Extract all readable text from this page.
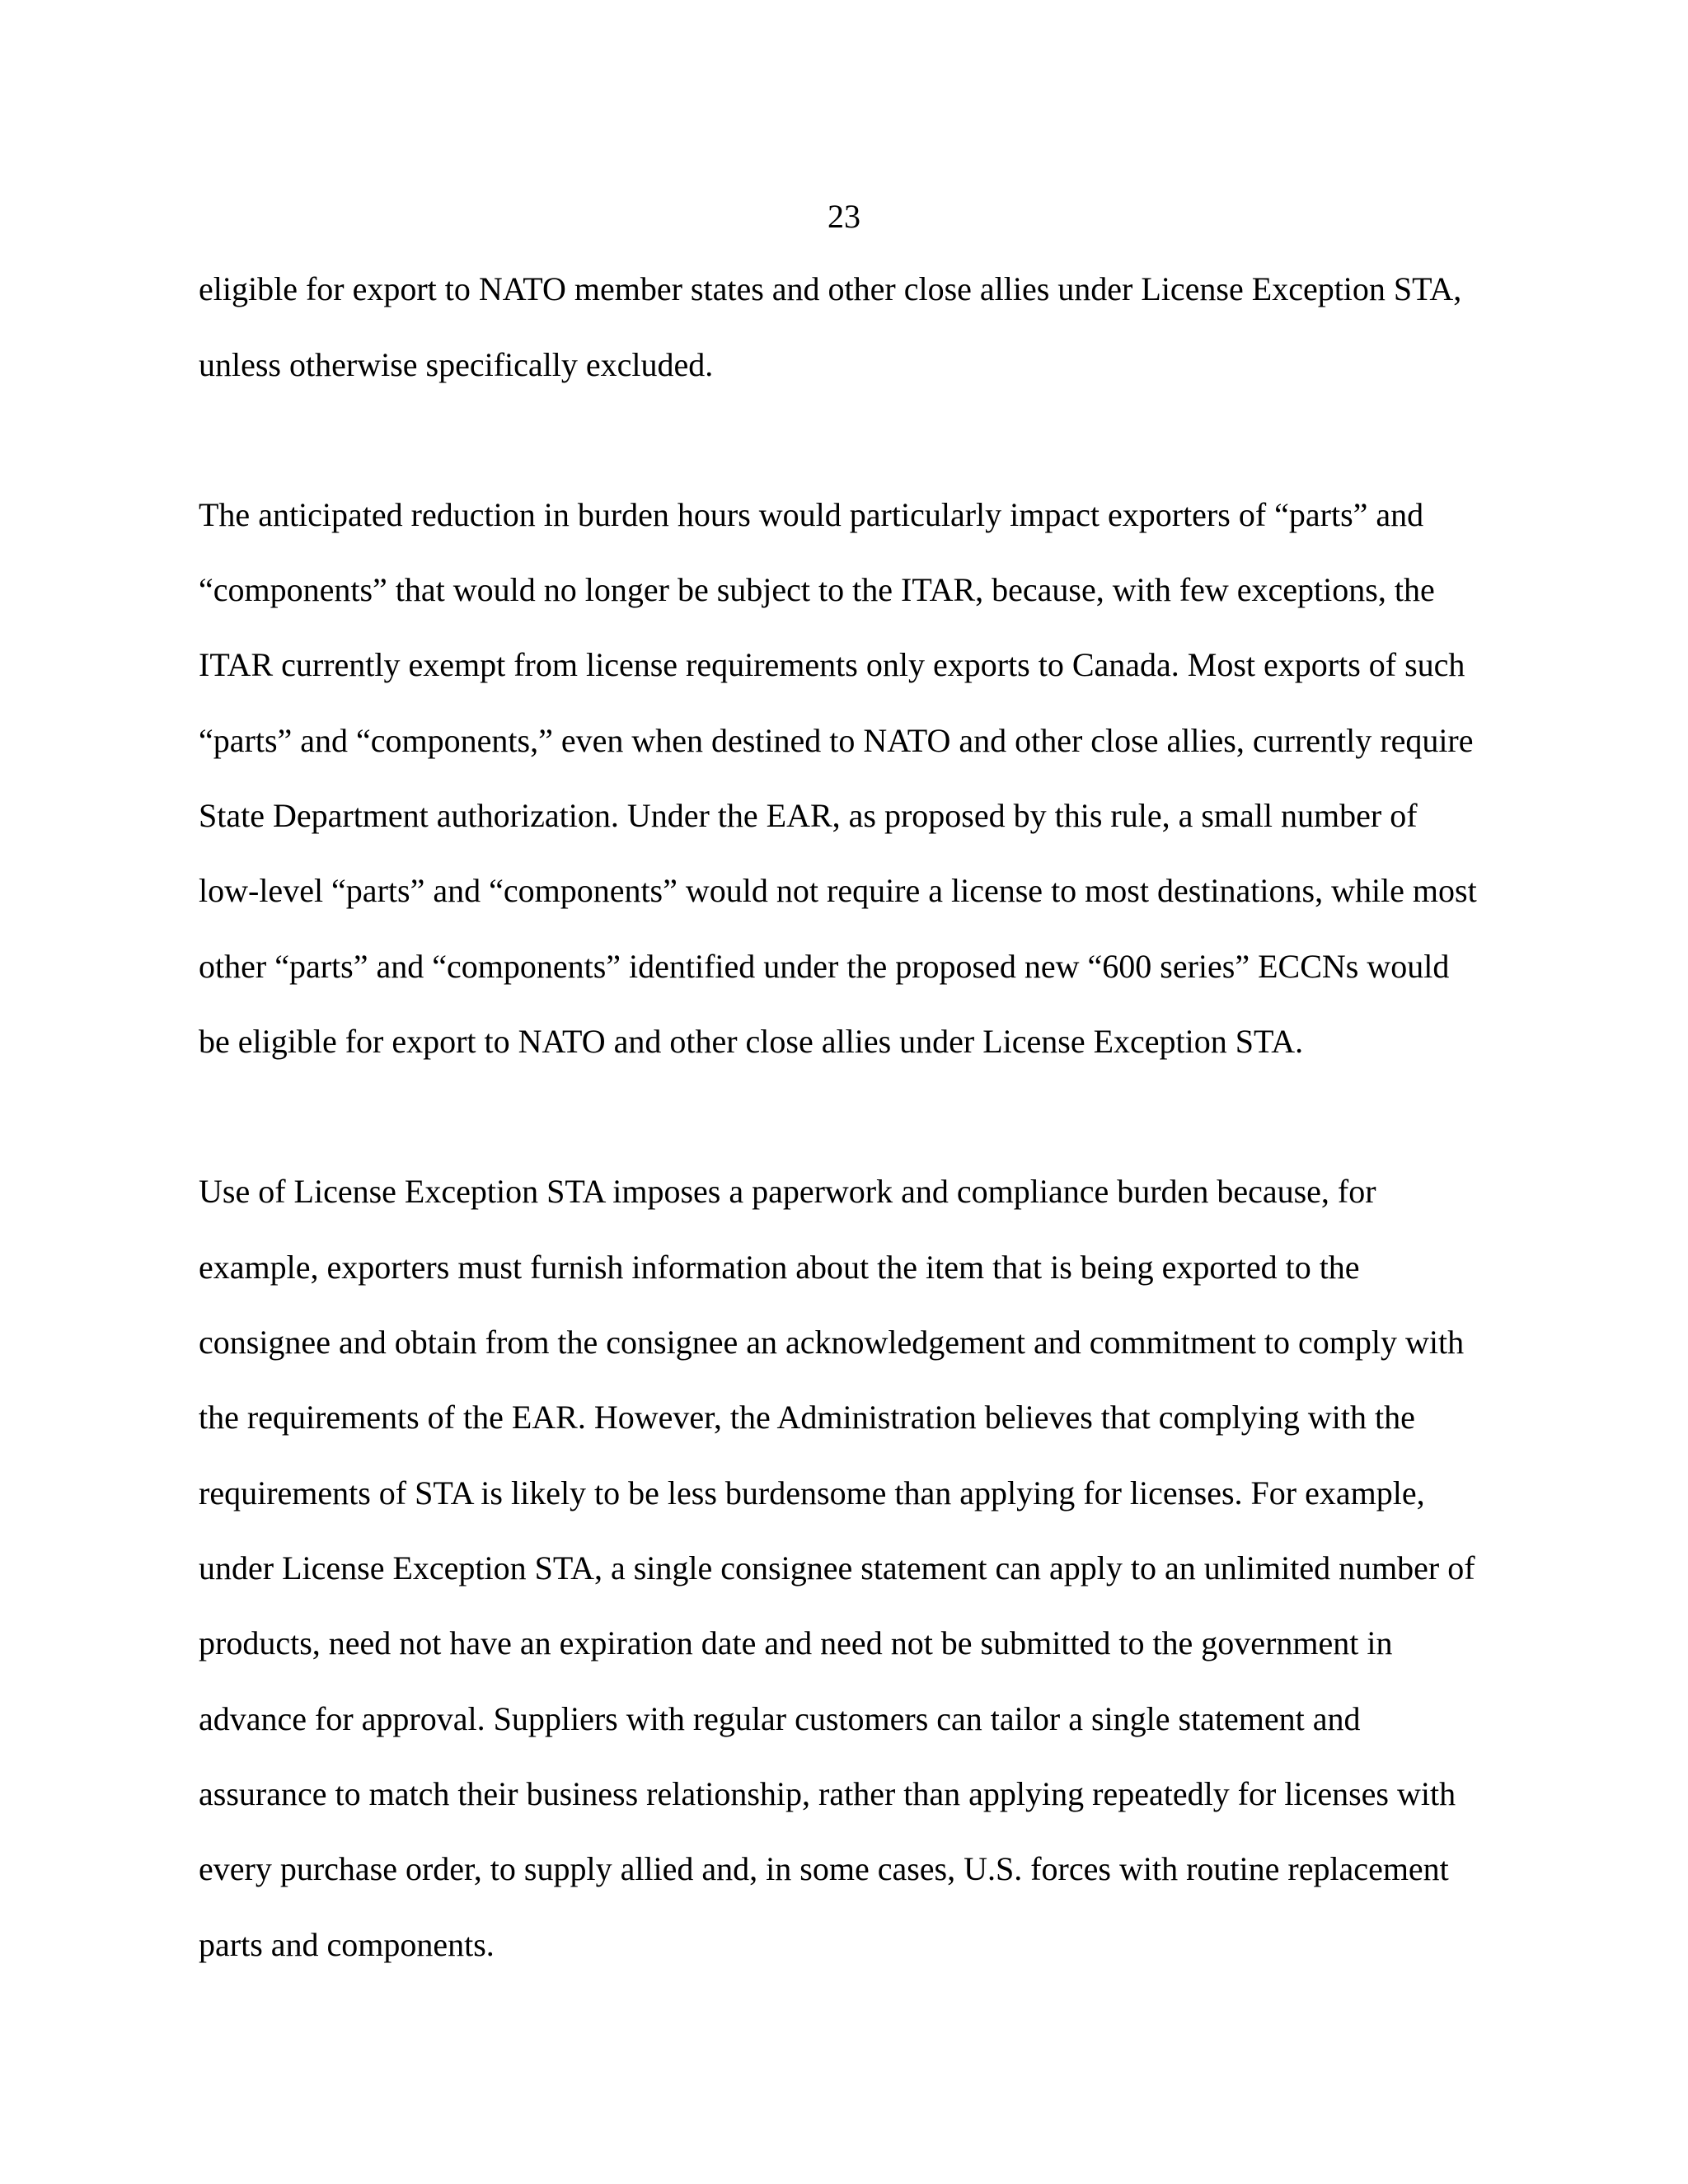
23
eligible for export to NATO member states and other close allies under License Exception STA,
unless otherwise specifically excluded.
The anticipated reduction in burden hours would particularly impact exporters of “parts” and
“components” that would no longer be subject to the ITAR, because, with few exceptions, the
ITAR currently exempt from license requirements only exports to Canada. Most exports of such
“parts” and “components,” even when destined to NATO and other close allies, currently require
State Department authorization. Under the EAR, as proposed by this rule, a small number of
low-level “parts” and “components” would not require a license to most destinations, while most
other “parts” and “components” identified under the proposed new “600 series” ECCNs would
be eligible for export to NATO and other close allies under License Exception STA.
Use of License Exception STA imposes a paperwork and compliance burden because, for
example, exporters must furnish information about the item that is being exported to the
consignee and obtain from the consignee an acknowledgement and commitment to comply with
the requirements of the EAR. However, the Administration believes that complying with the
requirements of STA is likely to be less burdensome than applying for licenses. For example,
under License Exception STA, a single consignee statement can apply to an unlimited number of
products, need not have an expiration date and need not be submitted to the government in
advance for approval. Suppliers with regular customers can tailor a single statement and
assurance to match their business relationship, rather than applying repeatedly for licenses with
every purchase order, to supply allied and, in some cases, U.S. forces with routine replacement
parts and components.
